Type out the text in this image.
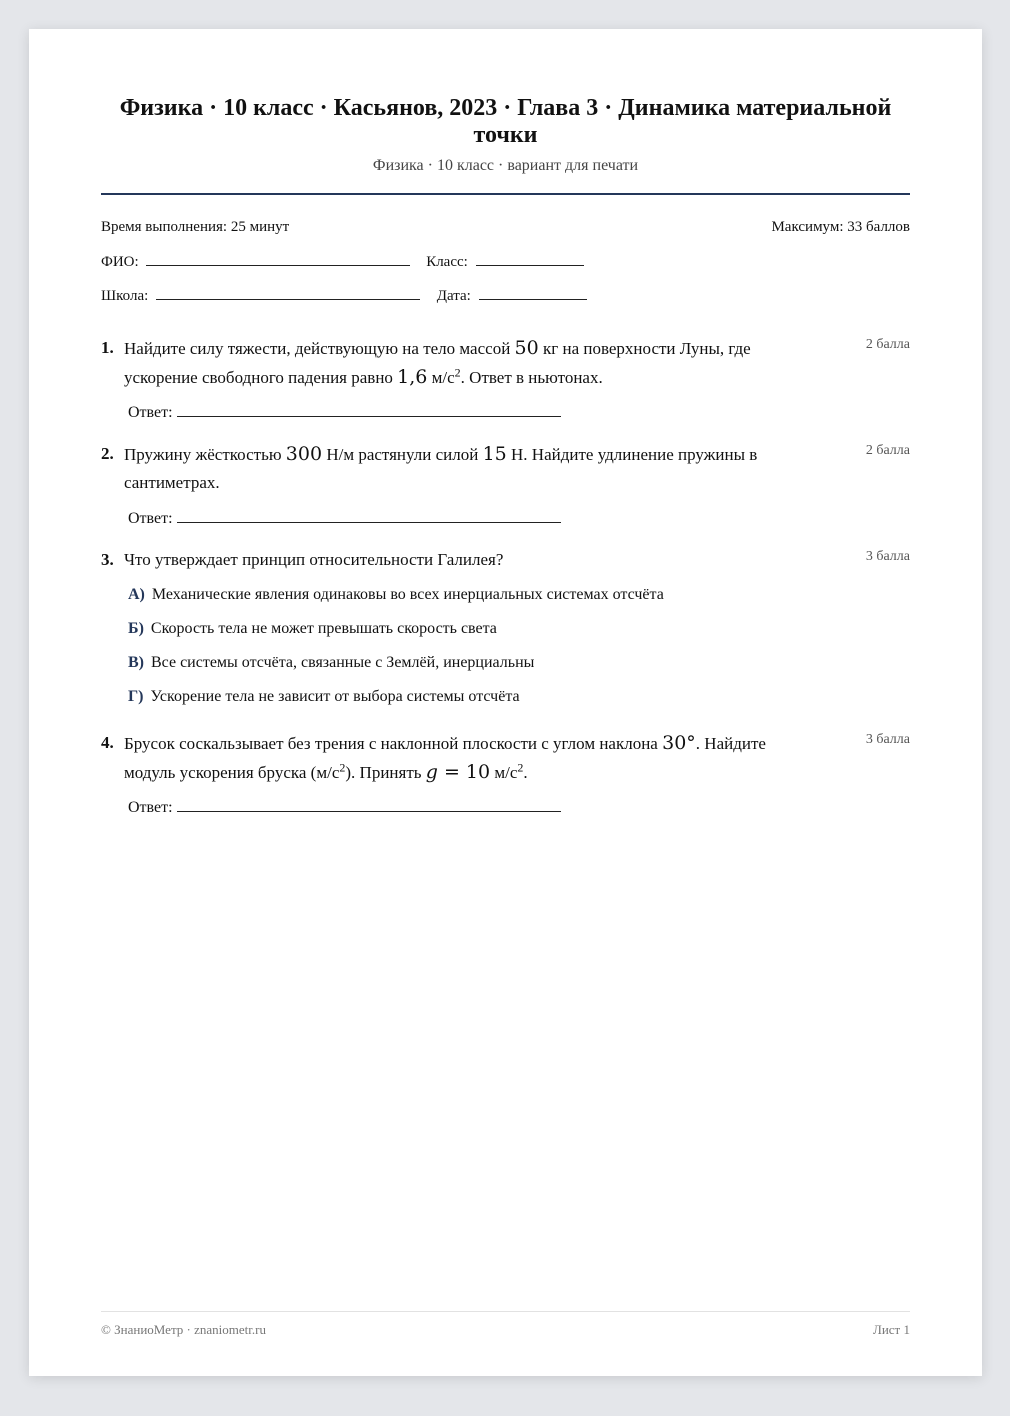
Физика · 10 класс · Касьянов, 2023 · Глава 3 · Динамика материальной точки
Физика · 10 класс · вариант для печати
Время выполнения: 25 минут	Максимум: 33 баллов
ФИО:	Класс:
Школа:	Дата:
1. Найдите силу тяжести, действующую на тело массой 50 кг на поверхности Луны, где ускорение свободного падения равно 1,6 $м/с^2$. Ответ в ньютонах.
2 балла
Ответ:
2. Пружину жёсткостью 300 Н/м растянули силой 15 Н. Найдите удлинение пружины в сантиметрах.
2 балла
Ответ:
3. Что утверждает принцип относительности Галилея?	3 балла
А) Механические явления одинаковы во всех инерциальных системах отсчёта
Б) Скорость тела не может превышать скорость света
В) Все системы отсчёта, связанные с Землёй, инерциальны
Г) Ускорение тела не зависит от выбора системы отсчёта
4. Брусок соскальзывает без трения с наклонной плоскости с углом наклона 30°. Найдите модуль ускорения бруска $(м/с^2)$. Принять g = 10 $м/с^2$.
3 балла
Ответ:
© ЗнаниоМетр · znaniometr.ru	Лист 1
